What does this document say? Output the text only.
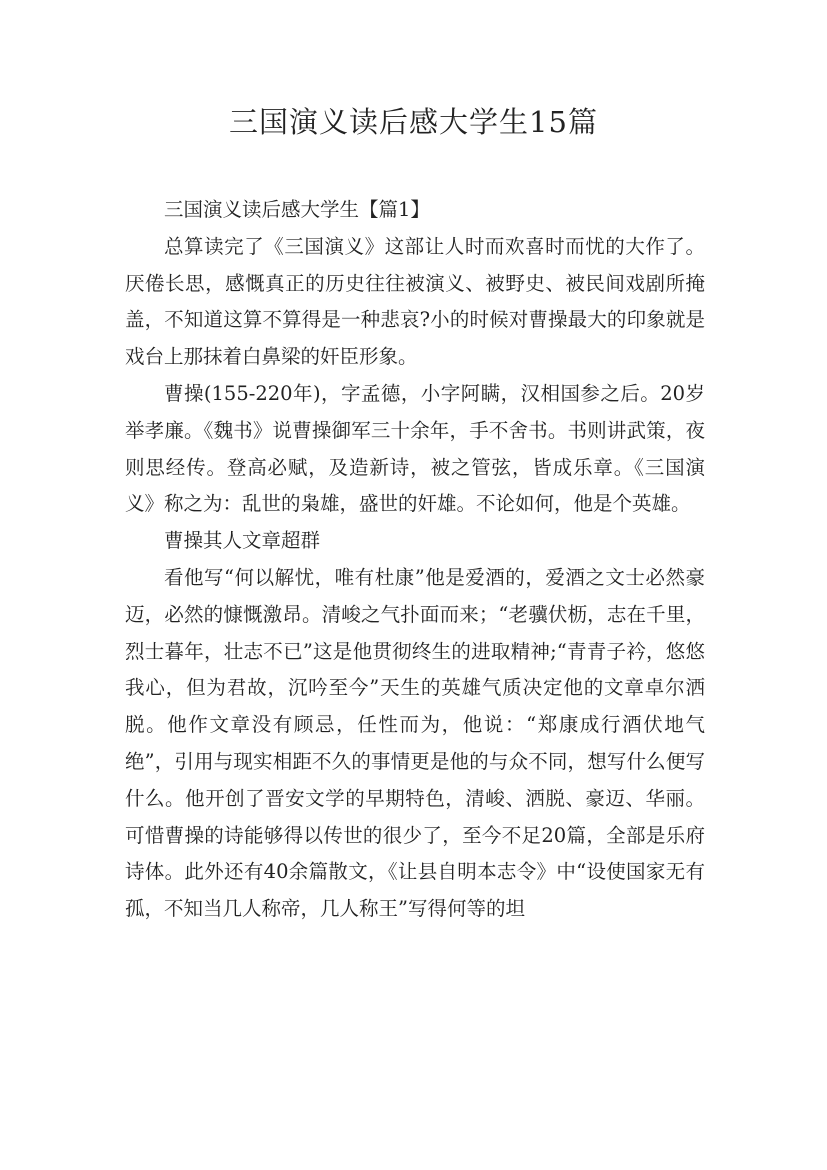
三国演义读后感大学生15篇

三国演义读后感大学生【篇1】

总算读完了《三国演义》这部让人时而欢喜时而忧的大作了。厌倦长思，感慨真正的历史往往被演义、被野史、被民间戏剧所掩盖，不知道这算不算得是一种悲哀?小的时候对曹操最大的印象就是戏台上那抹着白鼻梁的奸臣形象。

曹操(155-220年)，字孟德，小字阿瞒，汉相国参之后。20岁举孝廉。《魏书》说曹操御军三十余年，手不舍书。书则讲武策，夜则思经传。登高必赋，及造新诗，被之管弦，皆成乐章。《三国演义》称之为：乱世的枭雄，盛世的奸雄。不论如何，他是个英雄。

曹操其人文章超群

看他写“何以解忧，唯有杜康”他是爱酒的，爱酒之文士必然豪迈，必然的慷慨激昂。清峻之气扑面而来；“老骥伏枥，志在千里，烈士暮年，壮志不已”这是他贯彻终生的进取精神;“青青子衿，悠悠我心，但为君故，沉吟至今”天生的英雄气质决定他的文章卓尔洒脱。他作文章没有顾忌，任性而为，他说：“郑康成行酒伏地气绝”，引用与现实相距不久的事情更是他的与众不同，想写什么便写什么。他开创了晋安文学的早期特色，清峻、洒脱、豪迈、华丽。可惜曹操的诗能够得以传世的很少了，至今不足20篇，全部是乐府诗体。此外还有40余篇散文，《让县自明本志令》中“设使国家无有孤，不知当几人称帝，几人称王”写得何等的坦
